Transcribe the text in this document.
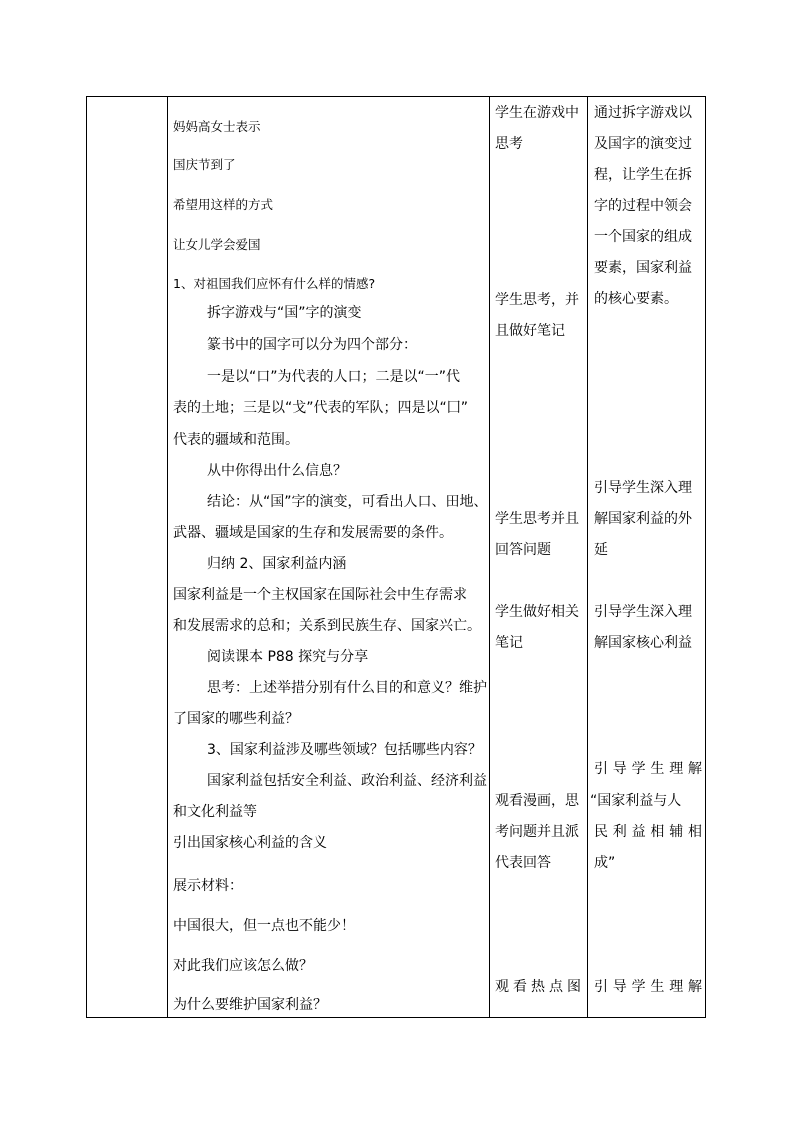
妈妈高女士表示
国庆节到了
希望用这样的方式
让女儿学会爱国
1、对祖国我们应怀有什么样的情感?
拆字游戏与“国”字的演变
篆书中的国字可以分为四个部分：
一是以“口”为代表的人口；二是以“一”代
表的土地；三是以“戈”代表的军队；四是以“囗”
代表的疆域和范围。
从中你得出什么信息？
结论：从“国”字的演变，可看出人口、田地、
武器、疆域是国家的生存和发展需要的条件。
归纳 2、国家利益内涵
国家利益是一个主权国家在国际社会中生存需求
和发展需求的总和；关系到民族生存、国家兴亡。
阅读课本 P88 探究与分享
思考：上述举措分别有什么目的和意义？维护
了国家的哪些利益？
3、国家利益涉及哪些领域？包括哪些内容？
国家利益包括安全利益、政治利益、经济利益
和文化利益等
引出国家核心利益的含义
展示材料：
中国很大，但一点也不能少！
对此我们应该怎么做？
为什么要维护国家利益？
学生在游戏中
思考
学生思考，并
且做好笔记
学生思考并且
回答问题
学生做好相关
笔记
观看漫画，思
考问题并且派
代表回答
观看热点图
通过拆字游戏以
及国字的演变过
程，让学生在拆
字的过程中领会
一个国家的组成
要素，国家利益
的核心要素。
引导学生深入理
解国家利益的外
延
引导学生深入理
解国家核心利益
引导学生理解
“国家利益与人
民利益相辅相
成”
引导学生理解
